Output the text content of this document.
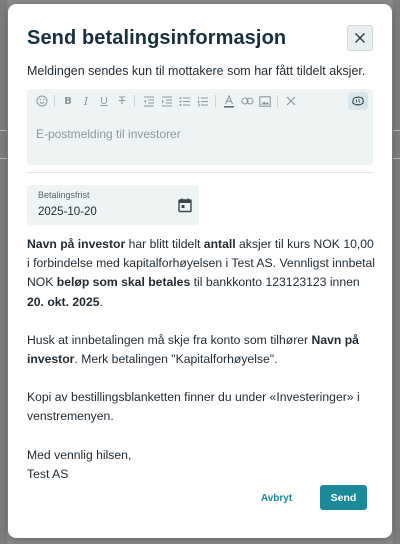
Send betalingsinformasjon
Meldingen sendes kun til mottakere som har fått tildelt aksjer.
B	I	U	T
E-postmelding til investorer
Betalingsfrist
2025-10-20

Navn på investor har blitt tildelt antall aksjer til kurs NOK 10,00 i forbindelse med kapitalforhøyelsen i Test AS. Vennligst innbetal NOK beløp som skal betales til bankkonto 123123123 innen 20. okt. 2025.

Husk at innbetalingen må skje fra konto som tilhører Navn på investor. Merk betalingen "Kapitalforhøyelse".

Kopi av bestillingsblanketten finner du under «Investeringer» i venstremenyen.

Med vennlig hilsen,
Test AS

Avbryt	Send
